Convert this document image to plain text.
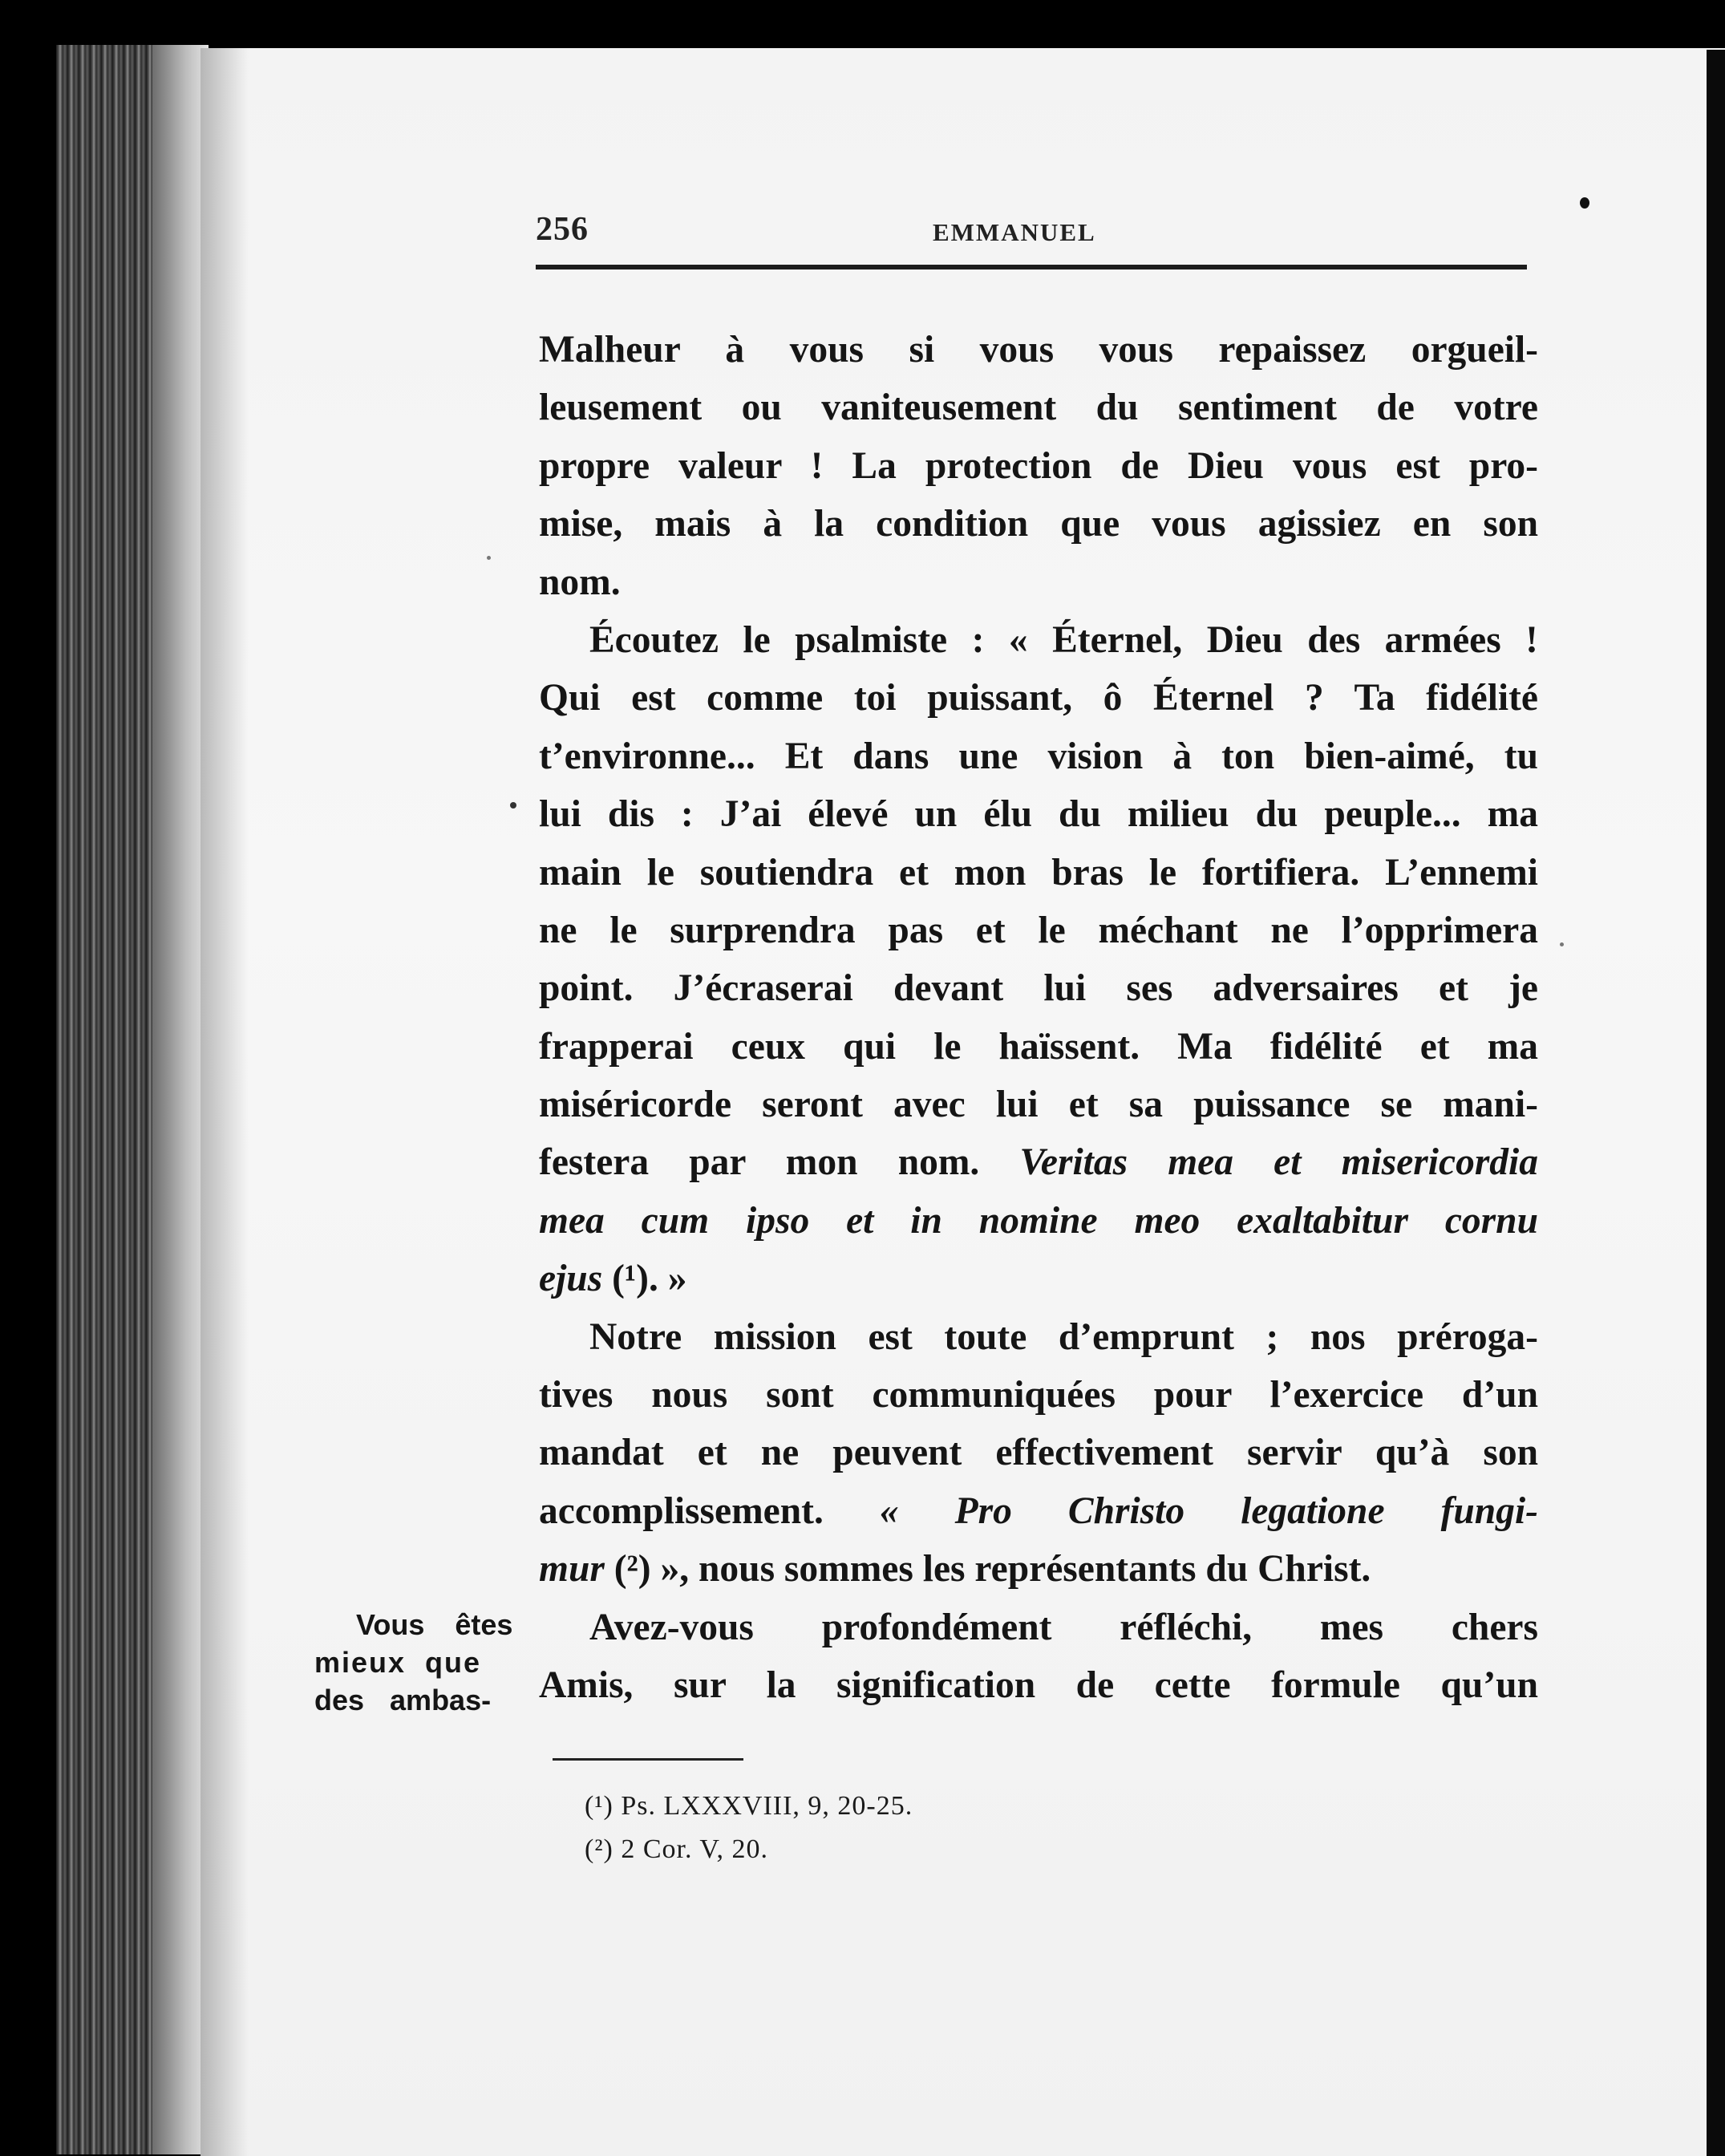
256	EMMANUEL
Malheur à vous si vous vous repaissez orgueil-
leusement ou vaniteusement du sentiment de votre
propre valeur ! La protection de Dieu vous est pro-
mise, mais à la condition que vous agissiez en son
nom.
Écoutez le psalmiste : « Éternel, Dieu des armées !
Qui est comme toi puissant, ô Éternel ? Ta fidélité
t’environne... Et dans une vision à ton bien-aimé, tu
lui dis : J’ai élevé un élu du milieu du peuple... ma
main le soutiendra et mon bras le fortifiera. L’ennemi
ne le surprendra pas et le méchant ne l’opprimera
point. J’écraserai devant lui ses adversaires et je
frapperai ceux qui le haïssent. Ma fidélité et ma
miséricorde seront avec lui et sa puissance se mani-
festera par mon nom. Veritas mea et misericordia
mea cum ipso et in nomine meo exaltabitur cornu
ejus (¹). »
Notre mission est toute d’emprunt ; nos préroga-
tives nous sont communiquées pour l’exercice d’un
mandat et ne peuvent effectivement servir qu’à son
accomplissement. « Pro Christo legatione fungi-
mur (²) », nous sommes les représentants du Christ.
Avez-vous profondément réfléchi, mes chers
Amis, sur la signification de cette formule qu’un
Vous êtes
mieux que
des ambas-
(¹) Ps. LXXXVIII, 9, 20-25.
(²) 2 Cor. V, 20.
